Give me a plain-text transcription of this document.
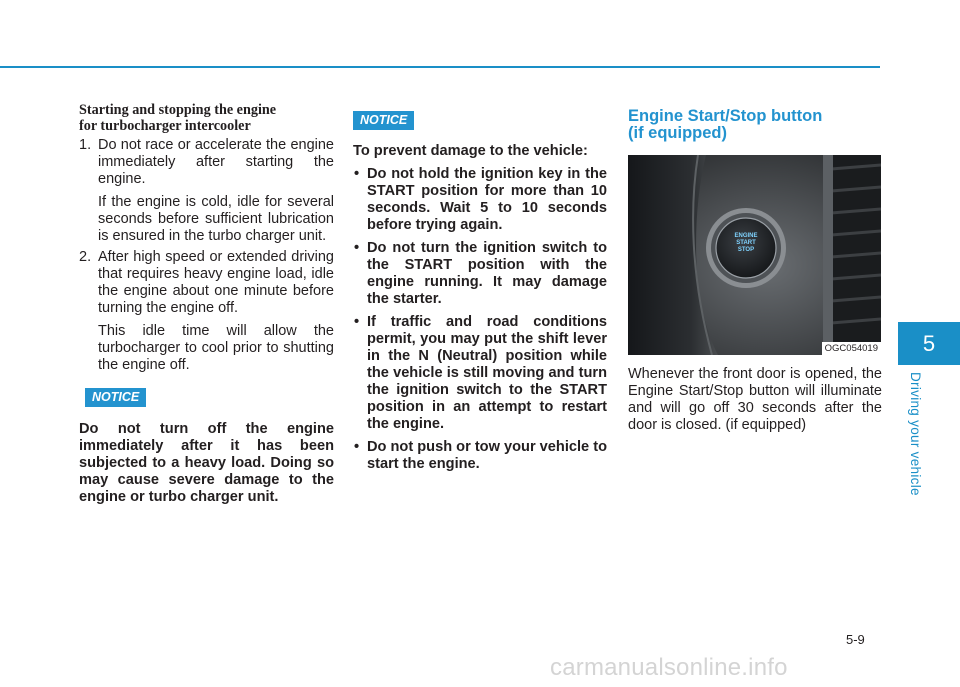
Starting and stopping the engine
for turbocharger intercooler
1. Do not race or accelerate the engine immediately after starting the engine.

If the engine is cold, idle for several seconds before sufficient lubrication is ensured in the turbo charger unit.

2. After high speed or extended driving that requires heavy engine load, idle the engine about one minute before turning the engine off.

This idle time will allow the turbocharger to cool prior to shutting the engine off.

NOTICE

Do not turn off the engine immediately after it has been subjected to a heavy load. Doing so may cause severe damage to the engine or turbo charger unit.

NOTICE

To prevent damage to the vehicle:

• Do not hold the ignition key in the START position for more than 10 seconds. Wait 5 to 10 seconds before trying again.

• Do not turn the ignition switch to the START position with the engine running. It may damage the starter.

• If traffic and road conditions permit, you may put the shift lever in the N (Neutral) position while the vehicle is still moving and turn the ignition switch to the START position in an attempt to restart the engine.

• Do not push or tow your vehicle to start the engine.

Engine Start/Stop button
(if equipped)
ENGINE
START
STOP
OGC054019

Whenever the front door is opened, the Engine Start/Stop button will illuminate and will go off 30 seconds after the door is closed. (if equipped)

5
Driving your vehicle
5-9
carmanualsonline.info
